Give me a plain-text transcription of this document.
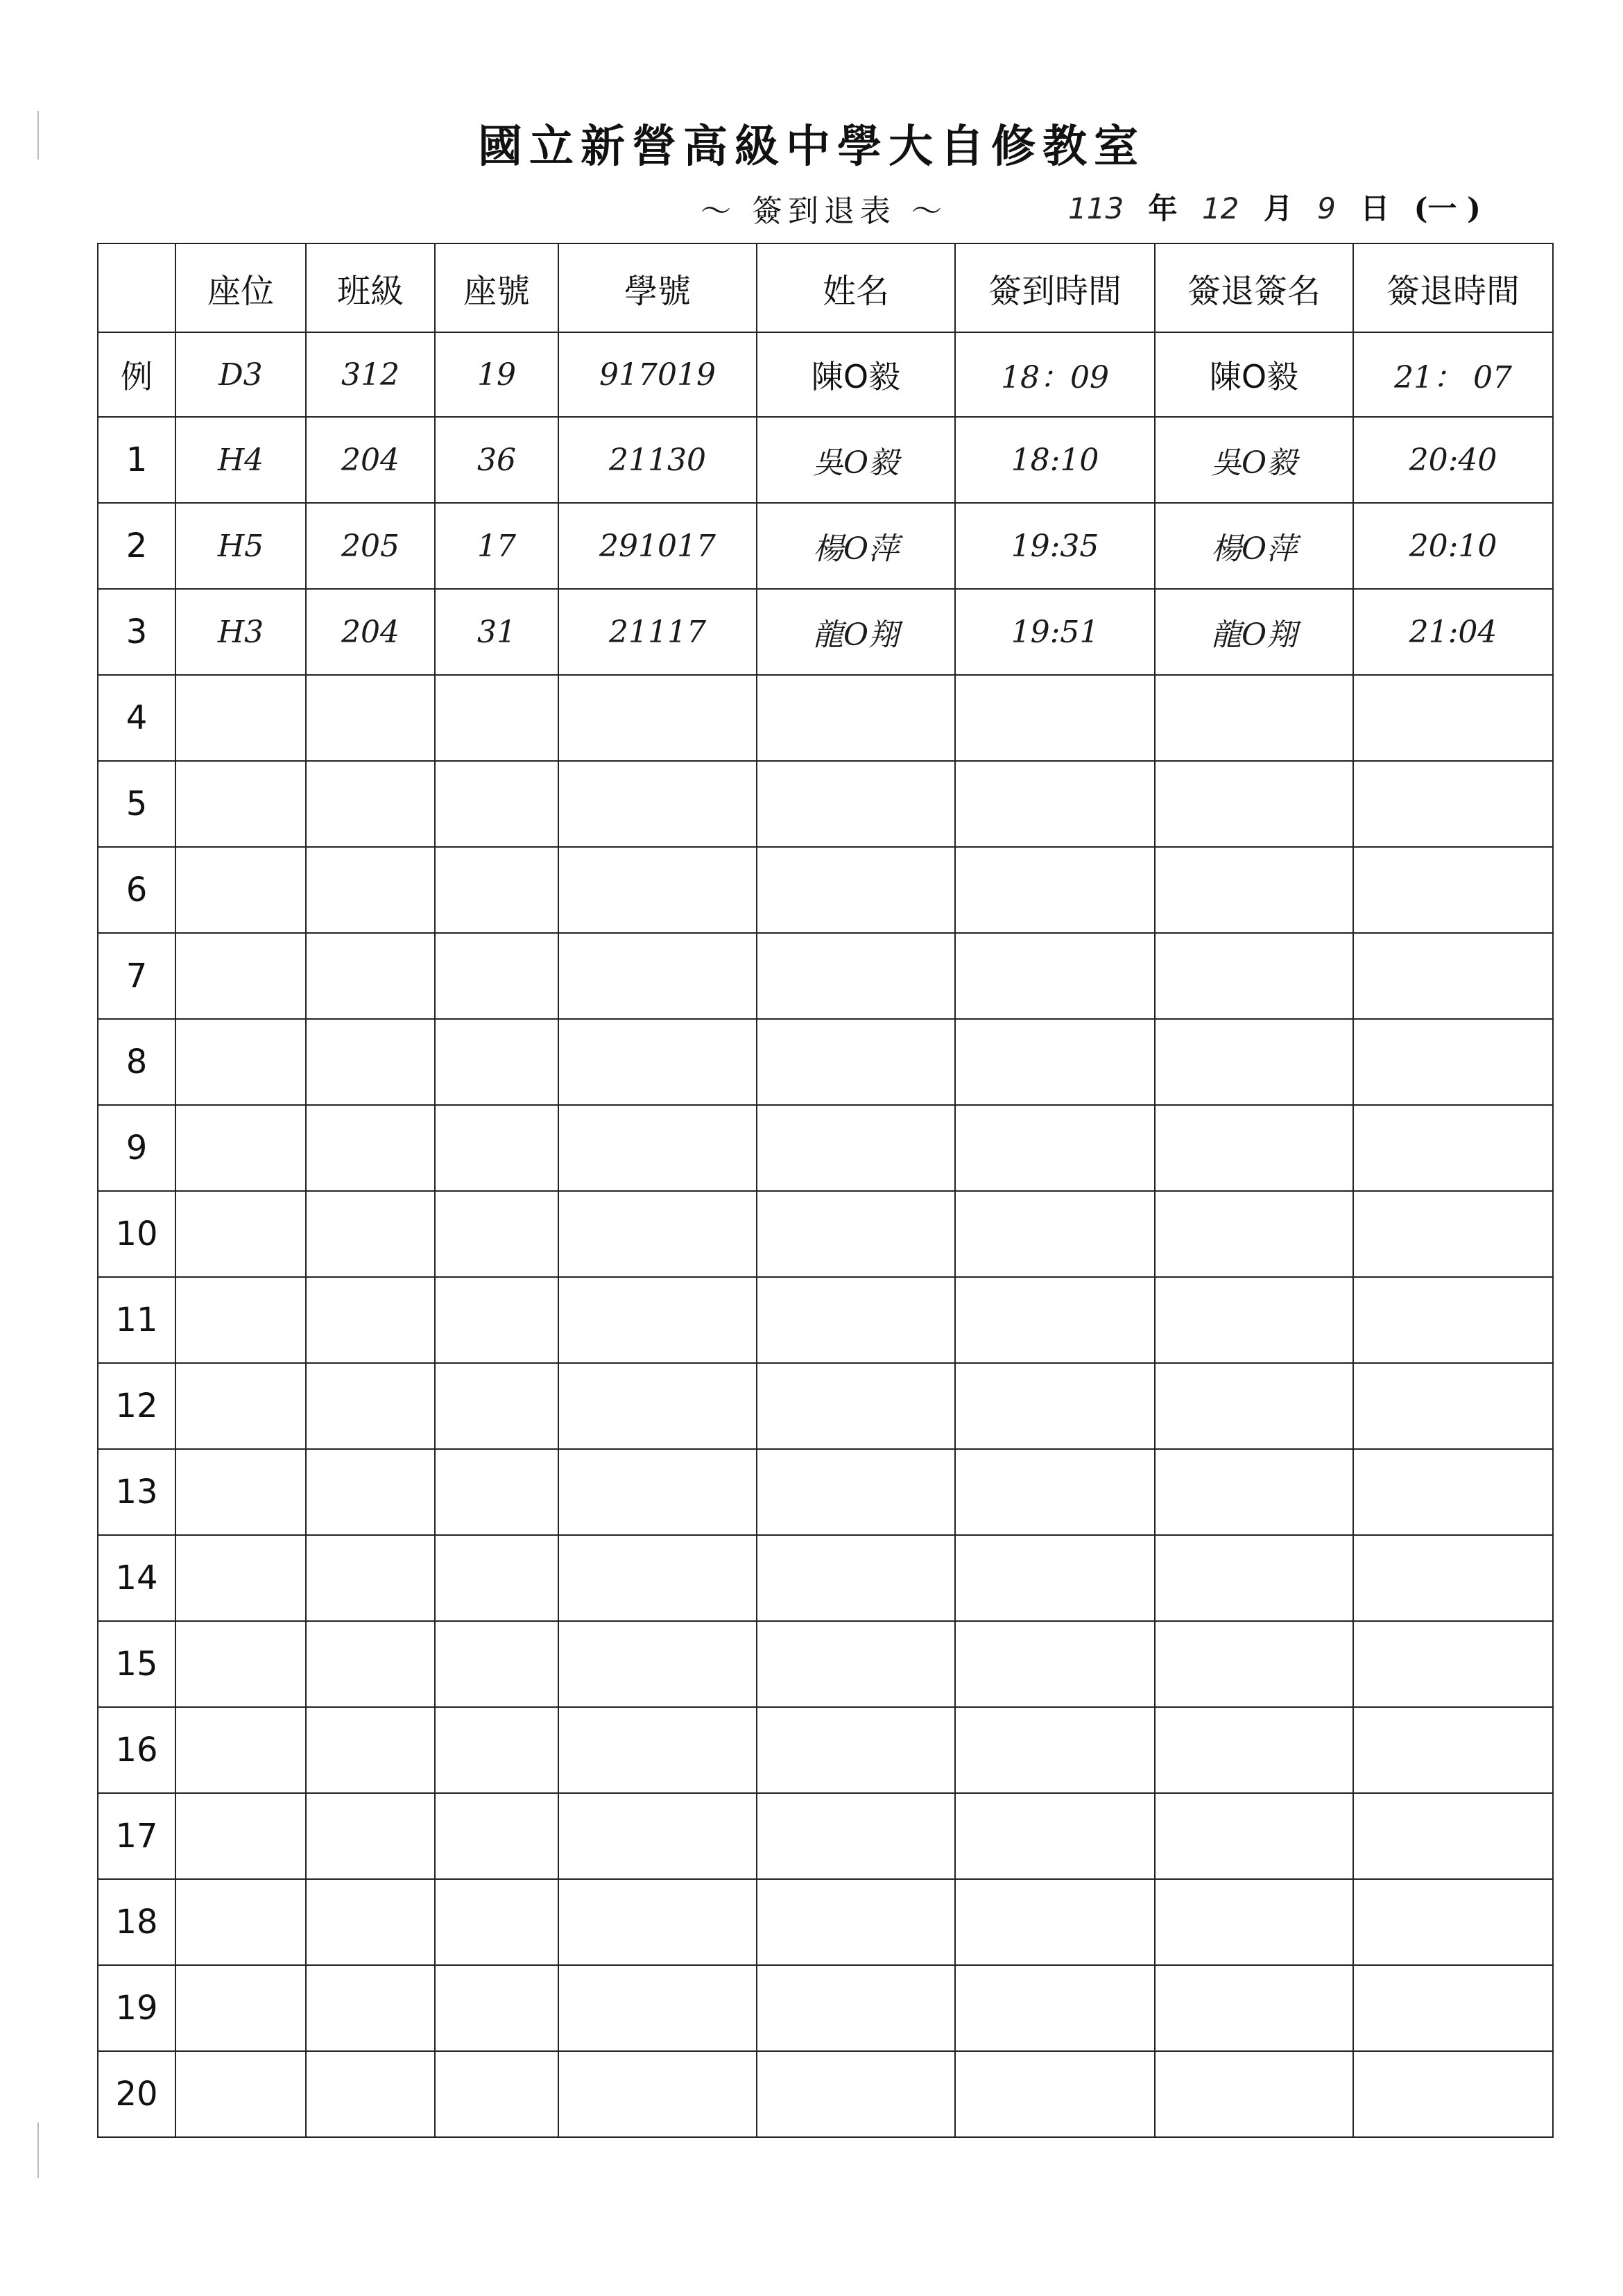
國立新營高級中學大自修教室
～ 簽到退表 ～	113 年 12 月 9 日 (一 )
	座位	班級	座號	學號	姓名	簽到時間	簽退簽名	簽退時間
例	D3	312	19	917019	陳O毅	18：09	陳O毅	21： 07
1	H4	204	36	21130	吳O毅	18:10	吳O毅	20:40
2	H5	205	17	291017	楊O萍	19:35	楊O萍	20:10
3	H3	204	31	21117	龍O翔	19:51	龍O翔	21:04
4								
5								
6								
7								
8								
9								
10								
11								
12								
13								
14								
15								
16								
17								
18								
19								
20								
